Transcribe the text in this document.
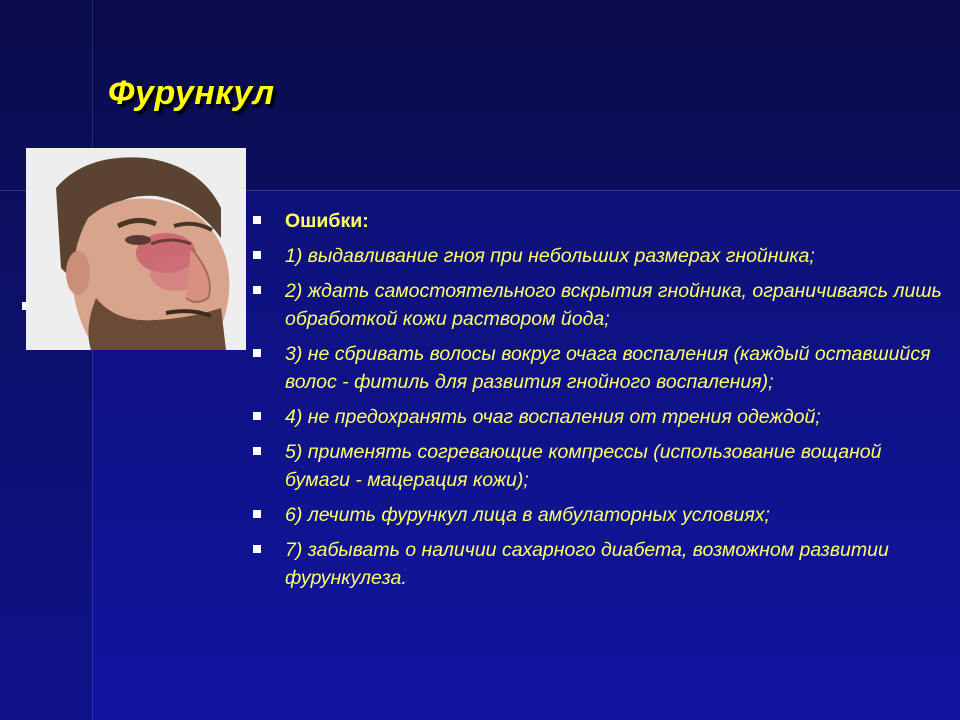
Фурункул
Ошибки:
1) выдавливание гноя при небольших размерах гнойника;
2) ждать самостоятельного вскрытия гнойника, ограничиваясь лишь обработкой кожи раствором йода;
3) не сбривать волосы вокруг очага воспаления (каждый оставшийся волос - фитиль для развития гнойного воспаления);
4) не предохранять очаг воспаления от трения одеждой;
5) применять согревающие компрессы (использование вощаной бумаги - мацерация кожи);
6) лечить фурункул лица в амбулаторных условиях;
7) забывать о наличии сахарного диабета, возможном развитии фурункулеза.
